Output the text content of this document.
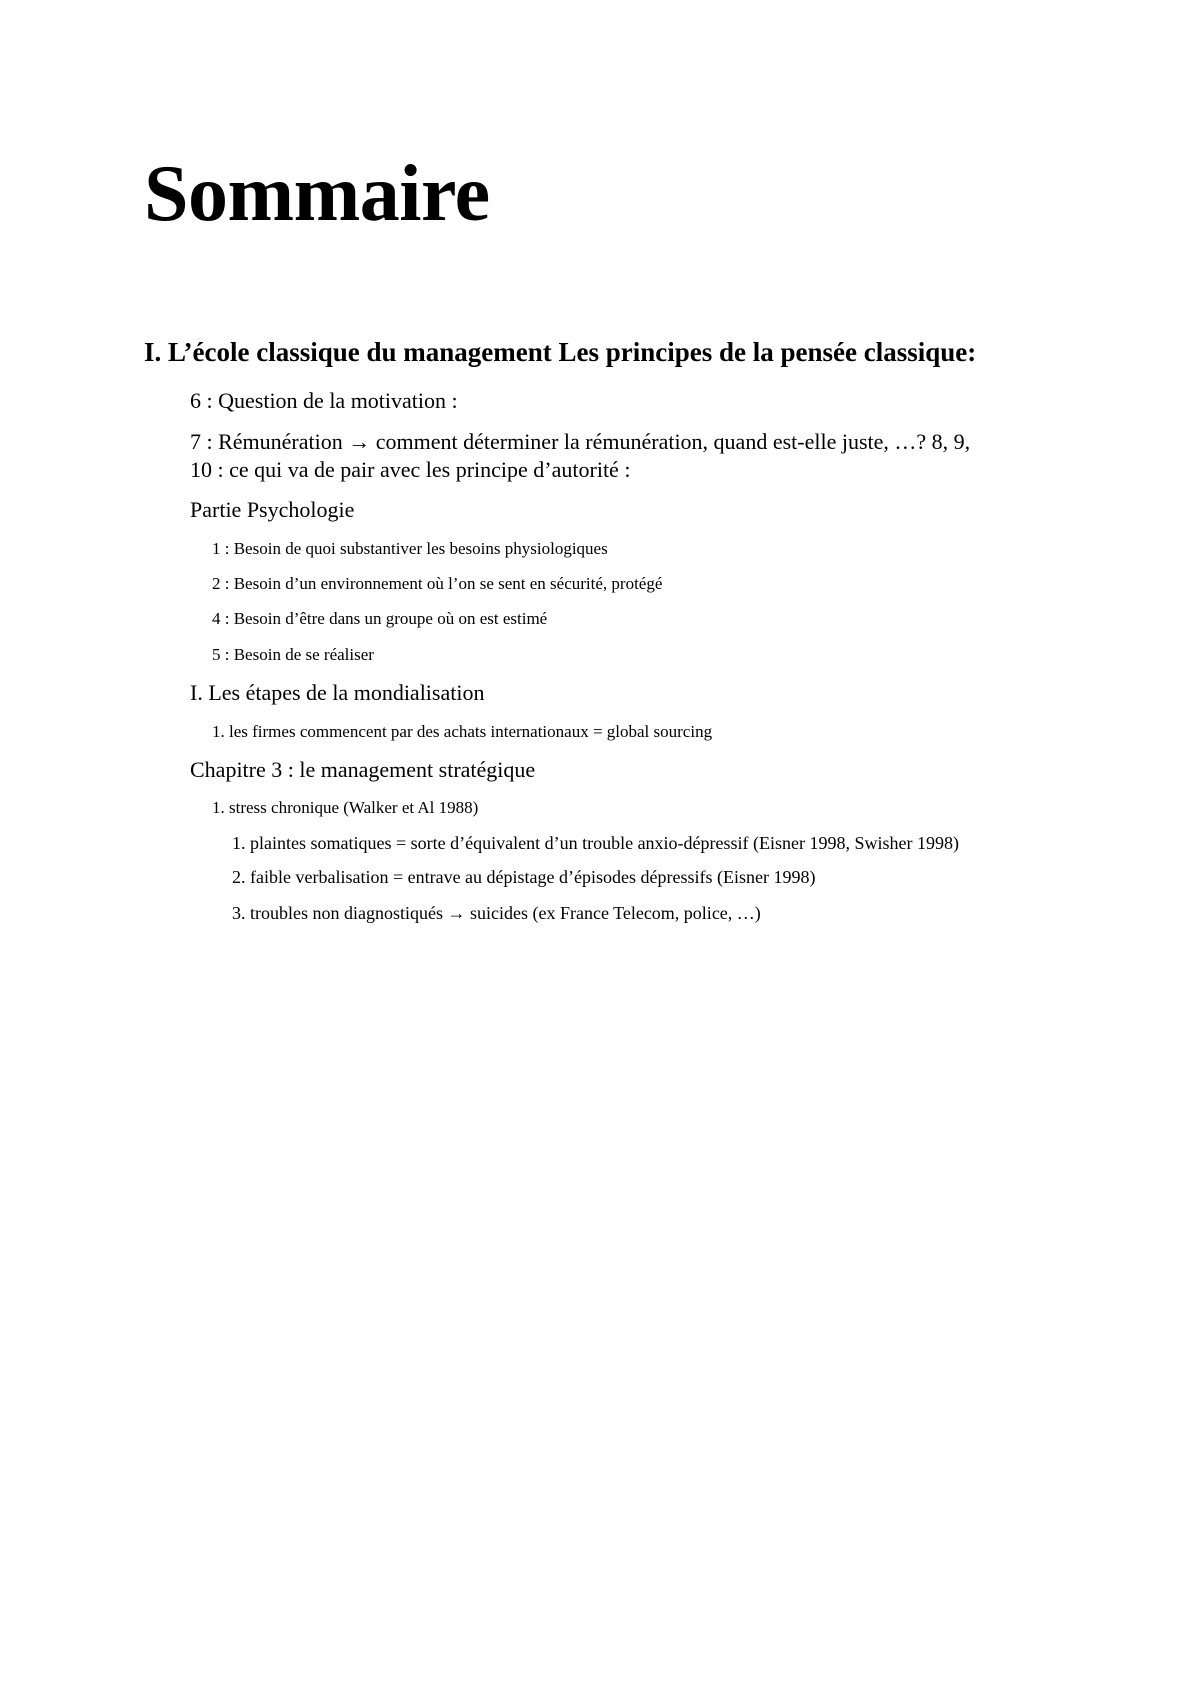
Sommaire
I. L’école classique du management Les principes de la pensée classique:

6 : Question de la motivation :

7 : Rémunération → comment déterminer la rémunération, quand est-elle juste, …? 8, 9,

10 : ce qui va de pair avec les principe d’autorité :

Partie Psychologie

1 : Besoin de quoi substantiver les besoins physiologiques

2 : Besoin d’un environnement où l’on se sent en sécurité, protégé

4 : Besoin d’être dans un groupe où on est estimé

5 : Besoin de se réaliser

I. Les étapes de la mondialisation

1. les firmes commencent par des achats internationaux = global sourcing

Chapitre 3 : le management stratégique

1. stress chronique (Walker et Al 1988)

1. plaintes somatiques = sorte d’équivalent d’un trouble anxio-dépressif (Eisner 1998, Swisher 1998)

2. faible verbalisation = entrave au dépistage d’épisodes dépressifs (Eisner 1998)

3. troubles non diagnostiqués → suicides (ex France Telecom, police, …)
